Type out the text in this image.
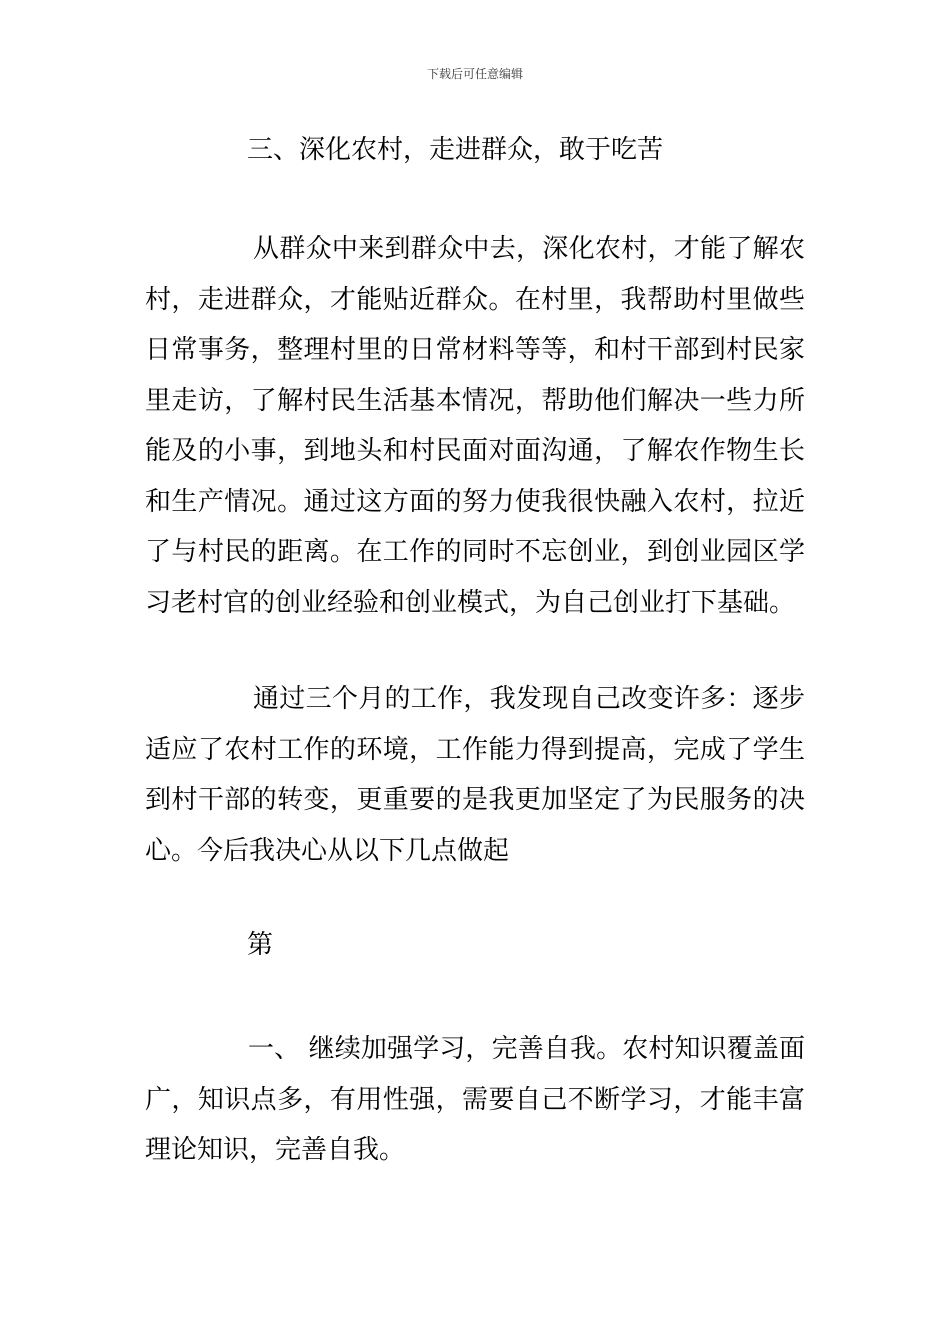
下载后可任意编辑
三、深化农村，走进群众，敢于吃苦

从群众中来到群众中去，深化农村，才能了解农村，走进群众，才能贴近群众。在村里，我帮助村里做些日常事务，整理村里的日常材料等等，和村干部到村民家里走访，了解村民生活基本情况，帮助他们解决一些力所能及的小事，到地头和村民面对面沟通，了解农作物生长和生产情况。通过这方面的努力使我很快融入农村，拉近了与村民的距离。在工作的同时不忘创业，到创业园区学习老村官的创业经验和创业模式，为自己创业打下基础。

通过三个月的工作，我发现自己改变许多：逐步适应了农村工作的环境，工作能力得到提高，完成了学生到村干部的转变，更重要的是我更加坚定了为民服务的决心。今后我决心从以下几点做起

第

一、 继续加强学习，完善自我。农村知识覆盖面广，知识点多，有用性强，需要自己不断学习，才能丰富理论知识，完善自我。
